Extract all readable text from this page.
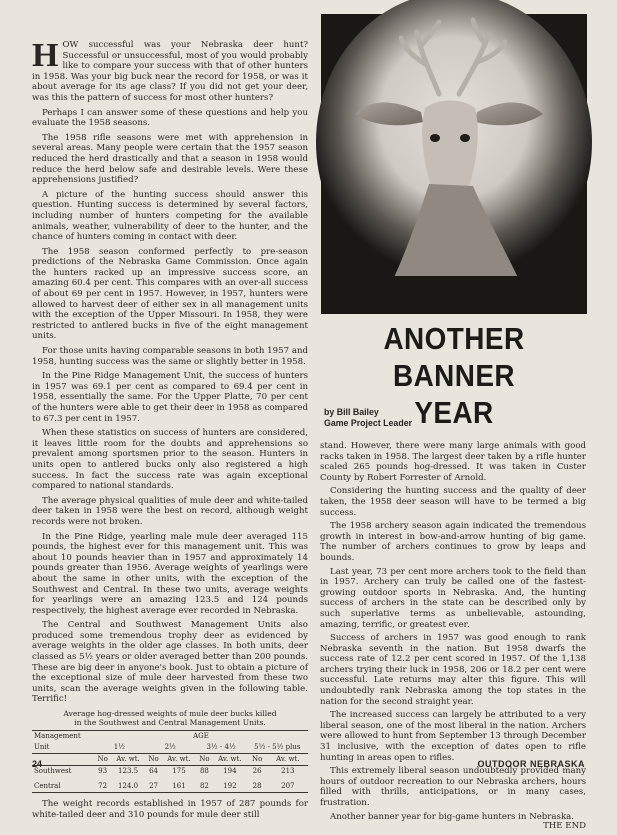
HOW successful was your Nebraska deer hunt? Successful or unsuccessful, most of you would probably like to compare your success with that of other hunters in 1958. Was your big buck near the record for 1958, or was it about average for its age class? If you did not get your deer, was this the pattern of success for most other hunters?

Perhaps I can answer some of these questions and help you evaluate the 1958 seasons.

The 1958 rifle seasons were met with apprehension in several areas. Many people were certain that the 1957 season reduced the herd drastically and that a season in 1958 would reduce the herd below safe and desirable levels. Were these apprehensions justified?

A picture of the hunting success should answer this question. Hunting success is determined by several factors, including number of hunters competing for the available animals, weather, vulnerability of deer to the hunter, and the chance of hunters coming in contact with deer.

The 1958 season conformed perfectly to pre-season predictions of the Nebraska Game Commission. Once again the hunters racked up an impressive success score, an amazing 60.4 per cent. This compares with an over-all success of about 69 per cent in 1957. However, in 1957, hunters were allowed to harvest deer of either sex in all management units with the exception of the Upper Missouri. In 1958, they were restricted to antlered bucks in five of the eight management units.

For those units having comparable seasons in both 1957 and 1958, hunting success was the same or slightly better in 1958.

In the Pine Ridge Management Unit, the success of hunters in 1957 was 69.1 per cent as compared to 69.4 per cent in 1958, essentially the same. For the Upper Platte, 70 per cent of the hunters were able to get their deer in 1958 as compared to 67.3 per cent in 1957.

When these statistics on success of hunters are considered, it leaves little room for the doubts and apprehensions so prevalent among sportsmen prior to the season. Hunters in units open to antlered bucks only also registered a high success. In fact the success rate was again exceptional compared to national standards.

The average physical qualities of mule deer and white-tailed deer taken in 1958 were the best on record, although weight records were not broken.

In the Pine Ridge, yearling male mule deer averaged 115 pounds, the highest ever for this management unit. This was about 10 pounds heavier than in 1957 and approximately 14 pounds greater than 1956. Average weights of yearlings were about the same in other units, with the exception of the Southwest and Central. In these two units, average weights for yearlings were an amazing 123.5 and 124 pounds respectively, the highest average ever recorded in Nebraska.

The Central and Southwest Management Units also produced some tremendous trophy deer as evidenced by average weights in the older age classes. In both units, deer classed as 5½ years or older averaged better than 200 pounds. These are big deer in anyone's book. Just to obtain a picture of the exceptional size of mule deer harvested from these two units, scan the average weights given in the following table. Terrific!

Average hog-dressed weights of mule deer bucks killed
in the Southwest and Central Management Units.
Management	AGE							
Unit	1½		2½		3½ - 4½		5½ - 5½ plus	
	No	Av. wt.	No	Av. wt.	No	Av. wt.	No	Av. wt.
Southwest	93	123.5	64	175	88	194	26	213

Central	72	124.0	27	161	82	192	28	207

The weight records established in 1957 of 287 pounds for white-tailed deer and 310 pounds for mule deer still

ANOTHER BANNER
YEAR
by Bill Bailey
Game Project Leader

stand. However, there were many large animals with good racks taken in 1958. The largest deer taken by a rifle hunter scaled 265 pounds hog-dressed. It was taken in Custer County by Robert Forrester of Arnold.

Considering the hunting success and the quality of deer taken, the 1958 deer season will have to be termed a big success.

The 1958 archery season again indicated the tremendous growth in interest in bow-and-arrow hunting of big game. The number of archers continues to grow by leaps and bounds.

Last year, 73 per cent more archers took to the field than in 1957. Archery can truly be called one of the fastest-growing outdoor sports in Nebraska. And, the hunting success of archers in the state can be described only by such superlative terms as unbelievable, astounding, amazing, terrific, or greatest ever.

Success of archers in 1957 was good enough to rank Nebraska seventh in the nation. But 1958 dwarfs the success rate of 12.2 per cent scored in 1957. Of the 1,138 archers trying their luck in 1958, 206 or 18.2 per cent were successful. Late returns may alter this figure. This will undoubtedly rank Nebraska among the top states in the nation for the second straight year.

The increased success can largely be attributed to a very liberal season, one of the most liberal in the nation. Archers were allowed to hunt from September 13 through December 31 inclusive, with the exception of dates open to rifle hunting in areas open to rifles.

This extremely liberal season undoubtedly provided many hours of outdoor recreation to our Nebraska archers, hours filled with thrills, anticipations, or in many cases, frustration.

Another banner year for big-game hunters in Nebraska.
THE END

24	OUTDOOR NEBRASKA
